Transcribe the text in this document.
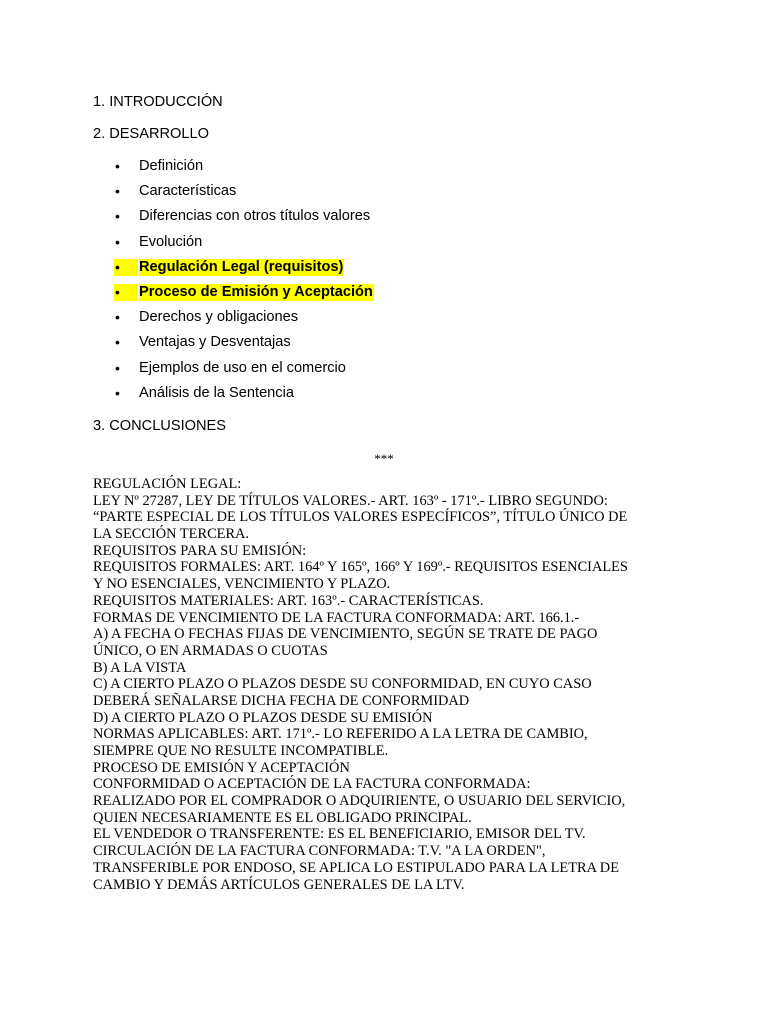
1. INTRODUCCIÓN

2. DESARROLLO

• Definición
• Características
• Diferencias con otros títulos valores
• Evolución
•	Regulación Legal (requisitos)
•	Proceso de Emisión y Aceptación
• Derechos y obligaciones
• Ventajas y Desventajas
• Ejemplos de uso en el comercio
• Análisis de la Sentencia

3. CONCLUSIONES

***
REGULACIÓN LEGAL:
LEY Nº 27287, LEY DE TÍTULOS VALORES.- ART. 163º - 171º.- LIBRO SEGUNDO:
“PARTE ESPECIAL DE LOS TÍTULOS VALORES ESPECÍFICOS”, TÍTULO ÚNICO DE
LA SECCIÓN TERCERA.
REQUISITOS PARA SU EMISIÓN:
REQUISITOS FORMALES: ART. 164º Y 165º, 166º Y 169º.- REQUISITOS ESENCIALES
Y NO ESENCIALES, VENCIMIENTO Y PLAZO.
REQUISITOS MATERIALES: ART. 163º.- CARACTERÍSTICAS.
FORMAS DE VENCIMIENTO DE LA FACTURA CONFORMADA: ART. 166.1.-
A) A FECHA O FECHAS FIJAS DE VENCIMIENTO, SEGÚN SE TRATE DE PAGO
ÚNICO, O EN ARMADAS O CUOTAS
B) A LA VISTA
C) A CIERTO PLAZO O PLAZOS DESDE SU CONFORMIDAD, EN CUYO CASO
DEBERÁ SEÑALARSE DICHA FECHA DE CONFORMIDAD
D) A CIERTO PLAZO O PLAZOS DESDE SU EMISIÓN
NORMAS APLICABLES: ART. 171º.- LO REFERIDO A LA LETRA DE CAMBIO,
SIEMPRE QUE NO RESULTE INCOMPATIBLE.
PROCESO DE EMISIÓN Y ACEPTACIÓN
CONFORMIDAD O ACEPTACIÓN DE LA FACTURA CONFORMADA:
REALIZADO POR EL COMPRADOR O ADQUIRIENTE, O USUARIO DEL SERVICIO,
QUIEN NECESARIAMENTE ES EL OBLIGADO PRINCIPAL.
EL VENDEDOR O TRANSFERENTE: ES EL BENEFICIARIO, EMISOR DEL TV.
CIRCULACIÓN DE LA FACTURA CONFORMADA: T.V. "A LA ORDEN",
TRANSFERIBLE POR ENDOSO, SE APLICA LO ESTIPULADO PARA LA LETRA DE
CAMBIO Y DEMÁS ARTÍCULOS GENERALES DE LA LTV.
